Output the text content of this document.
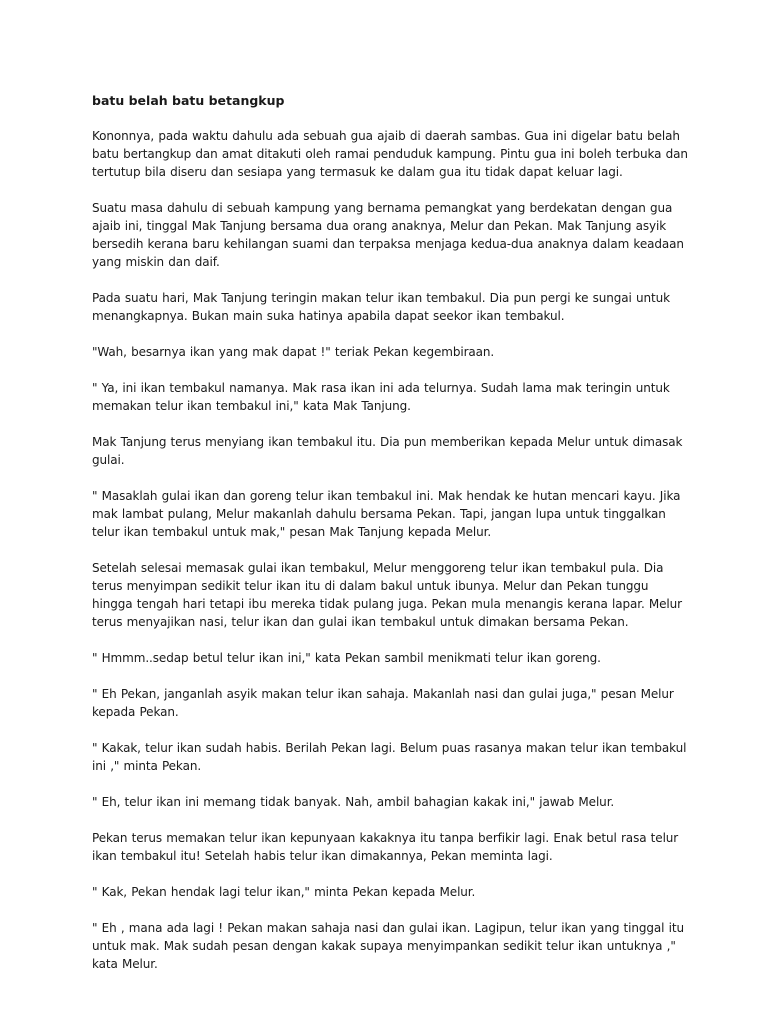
batu belah batu betangkup
Kononnya, pada waktu dahulu ada sebuah gua ajaib di daerah sambas. Gua ini digelar batu belah batu bertangkup dan amat ditakuti oleh ramai penduduk kampung. Pintu gua ini boleh terbuka dan tertutup bila diseru dan sesiapa yang termasuk ke dalam gua itu tidak dapat keluar lagi.
Suatu masa dahulu di sebuah kampung yang bernama pemangkat yang berdekatan dengan gua ajaib ini, tinggal Mak Tanjung bersama dua orang anaknya, Melur dan Pekan. Mak Tanjung asyik bersedih kerana baru kehilangan suami dan terpaksa menjaga kedua-dua anaknya dalam keadaan yang miskin dan daif.
Pada suatu hari, Mak Tanjung teringin makan telur ikan tembakul. Dia pun pergi ke sungai untuk menangkapnya. Bukan main suka hatinya apabila dapat seekor ikan tembakul.
"Wah, besarnya ikan yang mak dapat !" teriak Pekan kegembiraan.
" Ya, ini ikan tembakul namanya. Mak rasa ikan ini ada telurnya. Sudah lama mak teringin untuk memakan telur ikan tembakul ini," kata Mak Tanjung.
Mak Tanjung terus menyiang ikan tembakul itu. Dia pun memberikan kepada Melur untuk dimasak gulai.
" Masaklah gulai ikan dan goreng telur ikan tembakul ini. Mak hendak ke hutan mencari kayu. Jika mak lambat pulang, Melur makanlah dahulu bersama Pekan. Tapi, jangan lupa untuk tinggalkan telur ikan tembakul untuk mak," pesan Mak Tanjung kepada Melur.
Setelah selesai memasak gulai ikan tembakul, Melur menggoreng telur ikan tembakul pula. Dia terus menyimpan sedikit telur ikan itu di dalam bakul untuk ibunya. Melur dan Pekan tunggu hingga tengah hari tetapi ibu mereka tidak pulang juga. Pekan mula menangis kerana lapar. Melur terus menyajikan nasi, telur ikan dan gulai ikan tembakul untuk dimakan bersama Pekan.
" Hmmm..sedap betul telur ikan ini," kata Pekan sambil menikmati telur ikan goreng.
" Eh Pekan, janganlah asyik makan telur ikan sahaja. Makanlah nasi dan gulai juga," pesan Melur kepada Pekan.
" Kakak, telur ikan sudah habis. Berilah Pekan lagi. Belum puas rasanya makan telur ikan tembakul ini ," minta Pekan.
" Eh, telur ikan ini memang tidak banyak. Nah, ambil bahagian kakak ini," jawab Melur.
Pekan terus memakan telur ikan kepunyaan kakaknya itu tanpa berfikir lagi. Enak betul rasa telur ikan tembakul itu! Setelah habis telur ikan dimakannya, Pekan meminta lagi.
" Kak, Pekan hendak lagi telur ikan," minta Pekan kepada Melur.
" Eh , mana ada lagi ! Pekan makan sahaja nasi dan gulai ikan. Lagipun, telur ikan yang tinggal itu untuk mak. Mak sudah pesan dengan kakak supaya menyimpankan sedikit telur ikan untuknya ," kata Melur.
